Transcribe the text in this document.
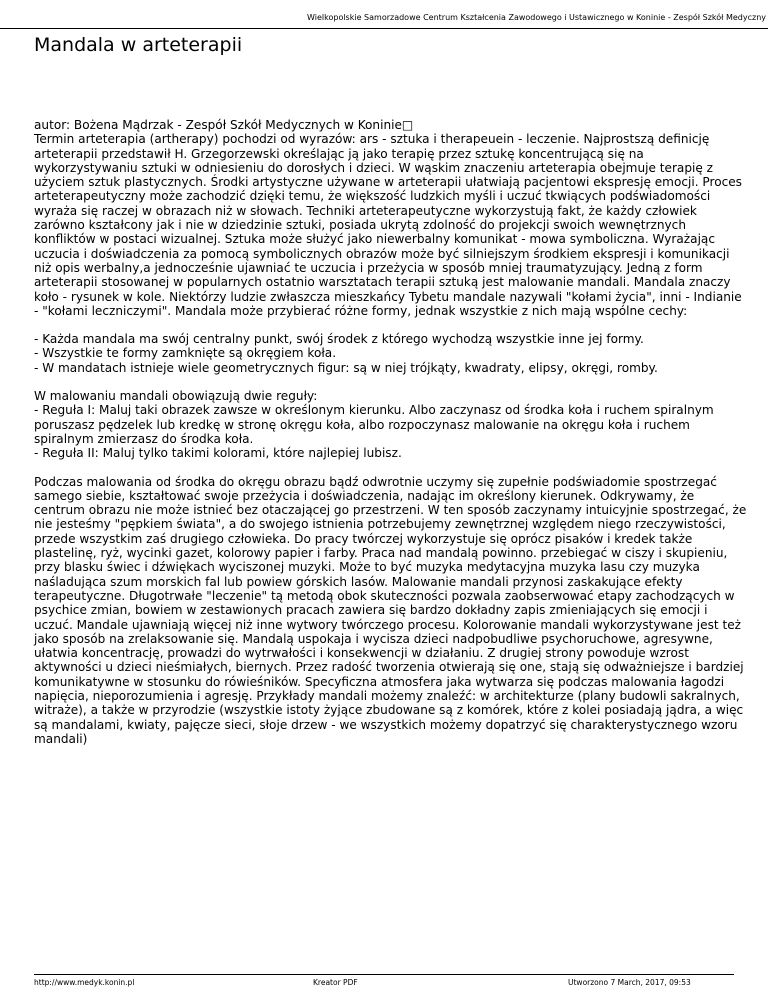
Wielkopolskie Samorzadowe Centrum Kształcenia Zawodowego i Ustawicznego w Koninie - Zespół Szkół Medyczny
Mandala w arteterapii

autor: Bożena Mądrzak - Zespół Szkół Medycznych w Koninie□
Termin arteterapia (artherapy) pochodzi od wyrazów: ars - sztuka i therapeuein - leczenie. Najprostszą definicję arteterapii przedstawił H. Grzegorzewski określając ją jako terapię przez sztukę koncentrującą się na wykorzystywaniu sztuki w odniesieniu do dorosłych i dzieci. W wąskim znaczeniu arteterapia obejmuje terapię z użyciem sztuk plastycznych. Środki artystyczne używane w arteterapii ułatwiają pacjentowi ekspresję emocji. Proces arteterapeutyczny może zachodzić dzięki temu, że większość ludzkich myśli i uczuć tkwiących podświadomości wyraża się raczej w obrazach niż w słowach. Techniki arteterapeutyczne wykorzystują fakt, że każdy człowiek zarówno kształcony jak i nie w dziedzinie sztuki, posiada ukrytą zdolność do projekcji swoich wewnętrznych konfliktów w postaci wizualnej. Sztuka może służyć jako niewerbalny komunikat - mowa symboliczna. Wyrażając uczucia i doświadczenia za pomocą symbolicznych obrazów może być silniejszym środkiem ekspresji i komunikacji niż opis werbalny,a jednocześnie ujawniać te uczucia i przeżycia w sposób mniej traumatyzujący. Jedną z form arteterapii stosowanej w popularnych ostatnio warsztatach terapii sztuką jest malowanie mandali. Mandala znaczy koło - rysunek w kole. Niektórzy ludzie zwłaszcza mieszkańcy Tybetu mandale nazywali "kołami życia", inni - Indianie - "kołami leczniczymi". Mandala może przybierać różne formy, jednak wszystkie z nich mają wspólne cechy:

- Każda mandala ma swój centralny punkt, swój środek z którego wychodzą wszystkie inne jej formy.
- Wszystkie te formy zamknięte są okręgiem koła.
- W mandatach istnieje wiele geometrycznych figur: są w niej trójkąty, kwadraty, elipsy, okręgi, romby.

W malowaniu mandali obowiązują dwie reguły:
- Reguła I: Maluj taki obrazek zawsze w określonym kierunku. Albo zaczynasz od środka koła i ruchem spiralnym poruszasz pędzelek lub kredkę w stronę okręgu koła, albo rozpoczynasz malowanie na okręgu koła i ruchem spiralnym zmierzasz do środka koła.
- Reguła II: Maluj tylko takimi kolorami, które najlepiej lubisz.

Podczas malowania od środka do okręgu obrazu bądź odwrotnie uczymy się zupełnie podświadomie spostrzegać samego siebie, kształtować swoje przeżycia i doświadczenia, nadając im określony kierunek. Odkrywamy, że centrum obrazu nie może istnieć bez otaczającej go przestrzeni. W ten sposób zaczynamy intuicyjnie spostrzegać, że nie jesteśmy "pępkiem świata", a do swojego istnienia potrzebujemy zewnętrznej względem niego rzeczywistości, przede wszystkim zaś drugiego człowieka. Do pracy twórczej wykorzystuje się oprócz pisaków i kredek także plastelinę, ryż, wycinki gazet, kolorowy papier i farby. Praca nad mandalą powinno. przebiegać w ciszy i skupieniu, przy blasku świec i dźwiękach wyciszonej muzyki. Może to być muzyka medytacyjna muzyka lasu czy muzyka naśladująca szum morskich fal lub powiew górskich lasów. Malowanie mandali przynosi zaskakujące efekty terapeutyczne. Długotrwałe "leczenie" tą metodą obok skuteczności pozwala zaobserwować etapy zachodzących w psychice zmian, bowiem w zestawionych pracach zawiera się bardzo dokładny zapis zmieniających się emocji i uczuć. Mandale ujawniają więcej niż inne wytwory twórczego procesu. Kolorowanie mandali wykorzystywane jest też jako sposób na zrelaksowanie się. Mandalą uspokaja i wycisza dzieci nadpobudliwe psychoruchowe, agresywne, ułatwia koncentrację, prowadzi do wytrwałości i konsekwencji w działaniu. Z drugiej strony powoduje wzrost aktywności u dzieci nieśmiałych, biernych. Przez radość tworzenia otwierają się one, stają się odważniejsze i bardziej komunikatywne w stosunku do rówieśników. Specyficzna atmosfera jaka wytwarza się podczas malowania łagodzi napięcia, nieporozumienia i agresję. Przykłady mandali możemy znaleźć: w architekturze (plany budowli sakralnych, witraże), a także w przyrodzie (wszystkie istoty żyjące zbudowane są z komórek, które z kolei posiadają jądra, a więc są mandalami, kwiaty, pajęcze sieci, słoje drzew - we wszystkich możemy dopatrzyć się charakterystycznego wzoru mandali)

http://www.medyk.konin.pl	Kreator PDF	Utworzono 7 March, 2017, 09:53
